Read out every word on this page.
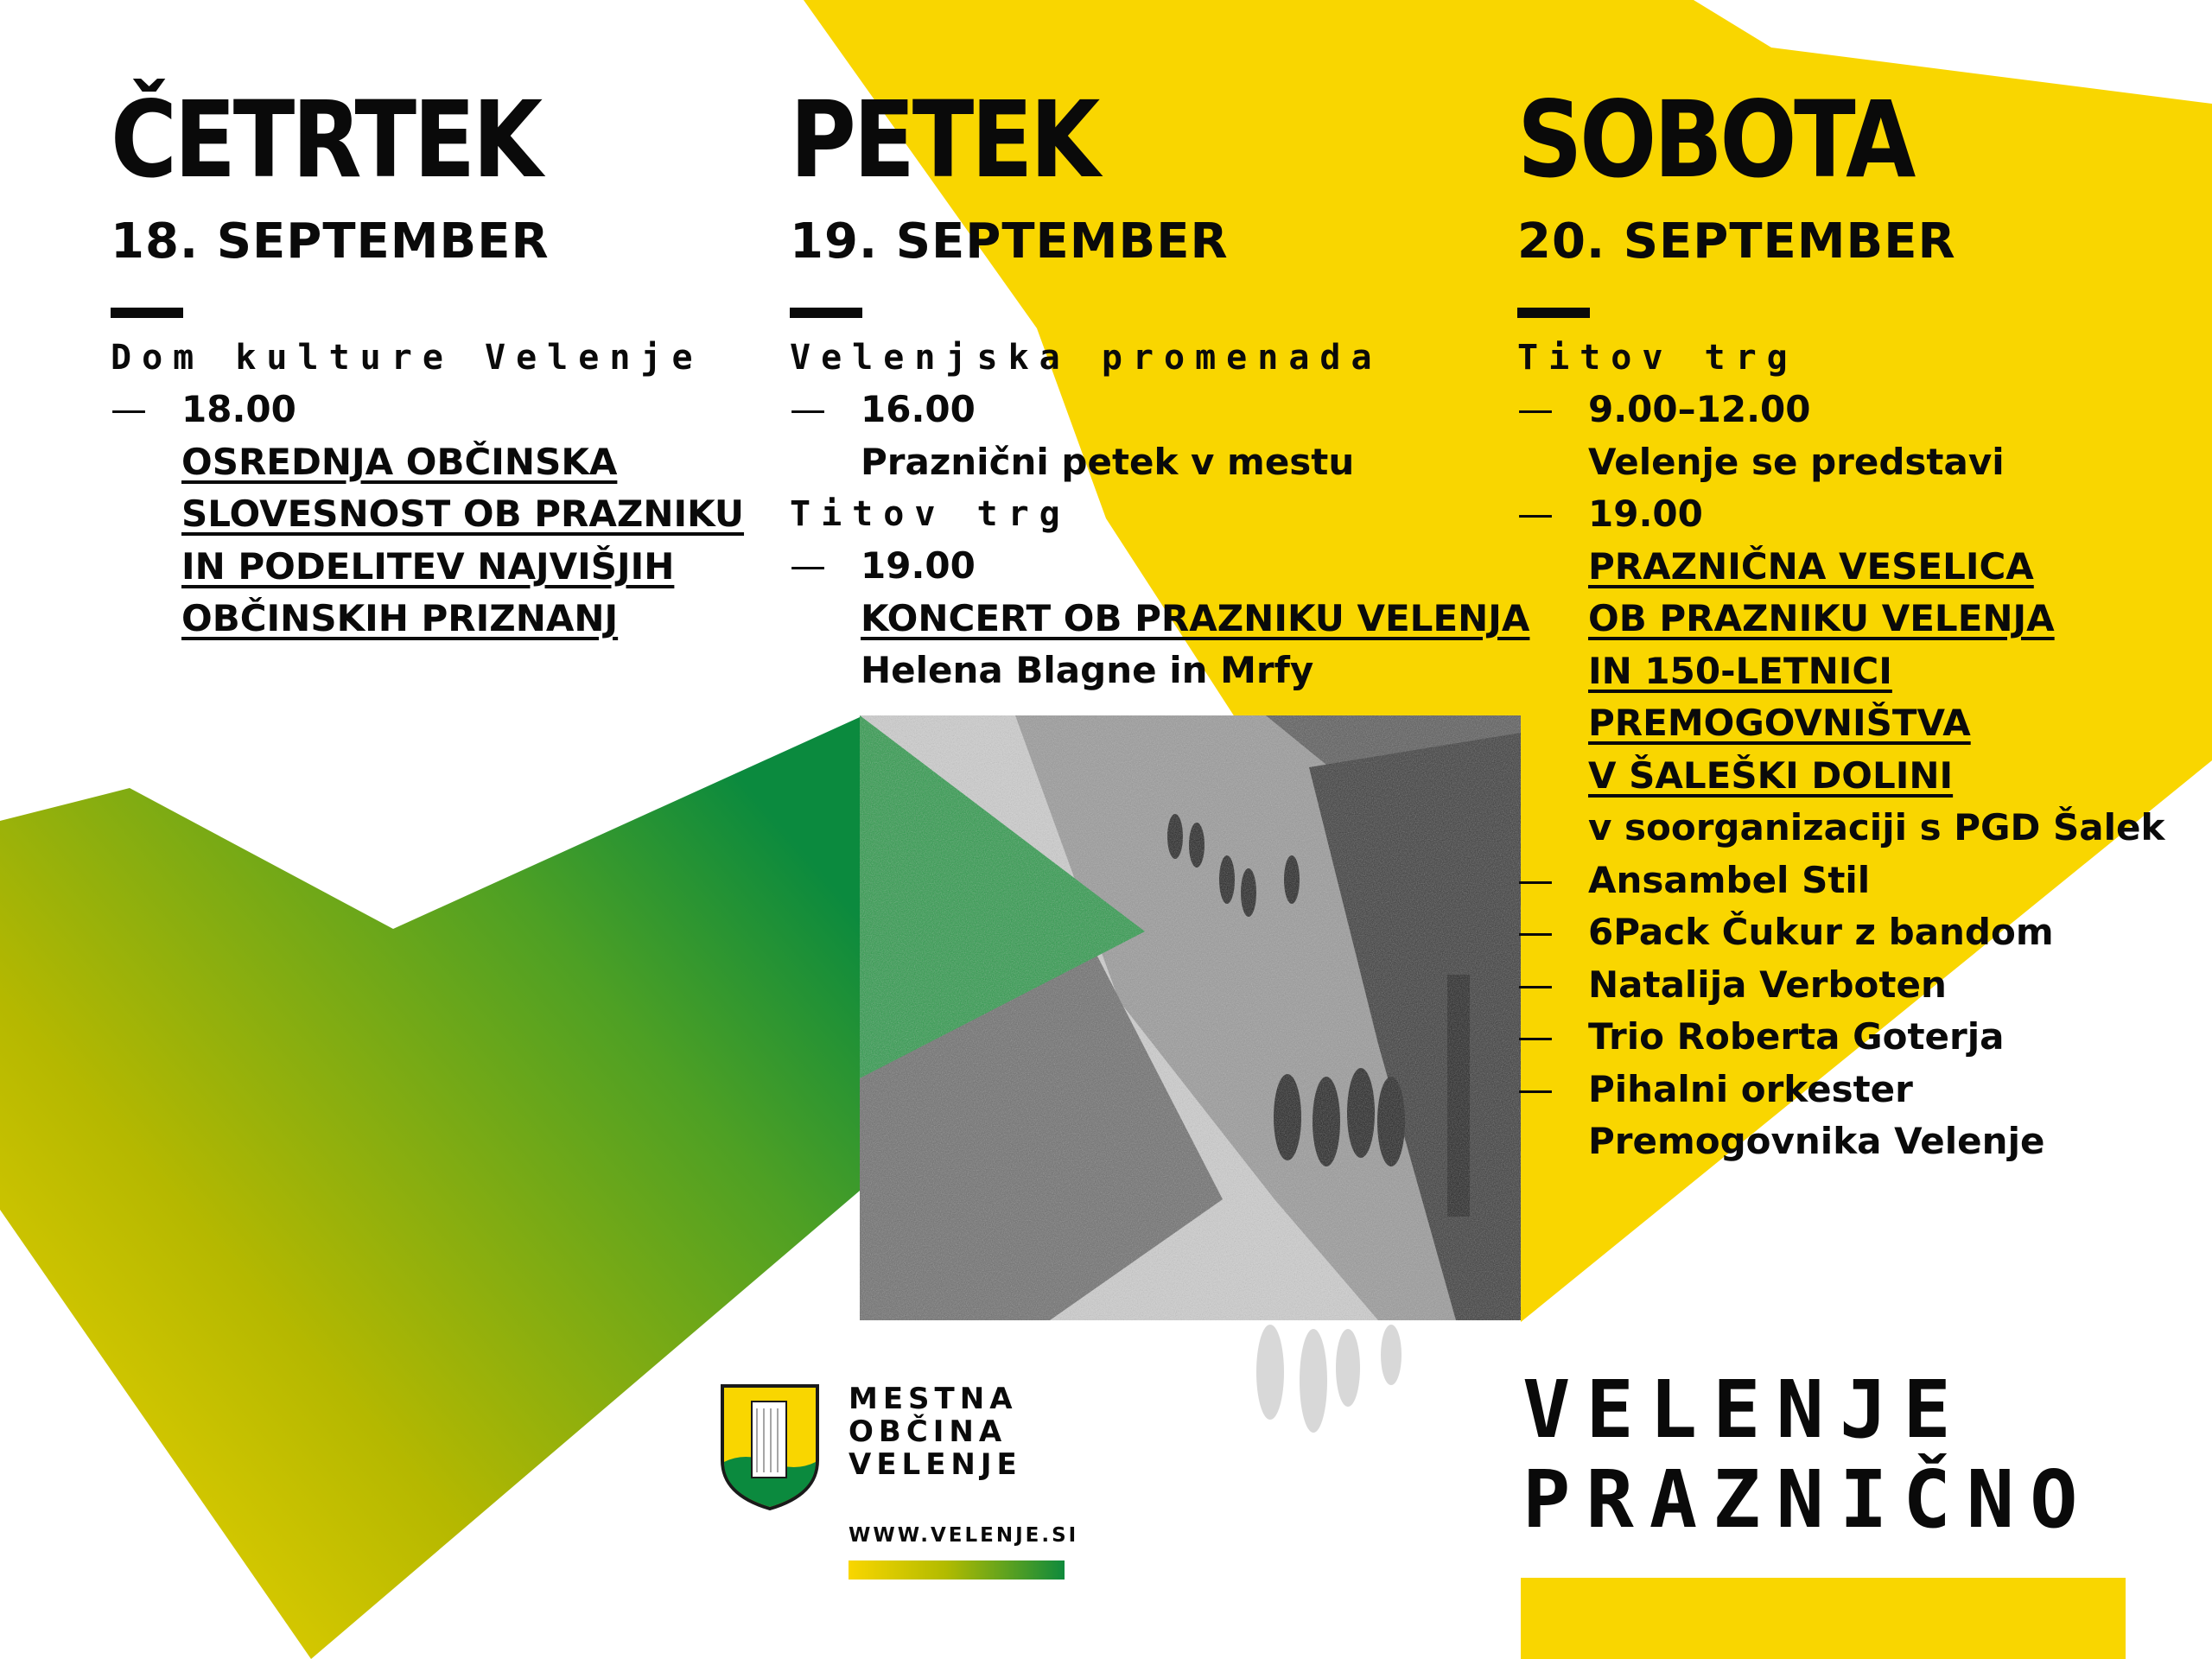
ČETRTEK
18. SEPTEMBER
Dom kulture Velenje
— 18.00
OSREDNJA OBČINSKA
SLOVESNOST OB PRAZNIKU
IN PODELITEV NAJVIŠJIH
OBČINSKIH PRIZNANJ
PETEK
19. SEPTEMBER
Velenjska promenada
— 16.00
Praznični petek v mestu
Titov trg
— 19.00
KONCERT OB PRAZNIKU VELENJA
Helena Blagne in Mrfy
SOBOTA
20. SEPTEMBER
Titov trg
— 9.00–12.00
Velenje se predstavi
— 19.00
PRAZNIČNA VESELICA
OB PRAZNIKU VELENJA
IN 150-LETNICI
PREMOGOVNIŠTVA
V ŠALEŠKI DOLINI
v soorganizaciji s PGD Šalek
— Ansambel Stil
— 6Pack Čukur z bandom
— Natalija Verboten
— Trio Roberta Goterja
— Pihalni orkester
Premogovnika Velenje
MESTNA
OBČINA
VELENJE
WWW.VELENJE.SI
VELENJE
PRAZNIČNO
